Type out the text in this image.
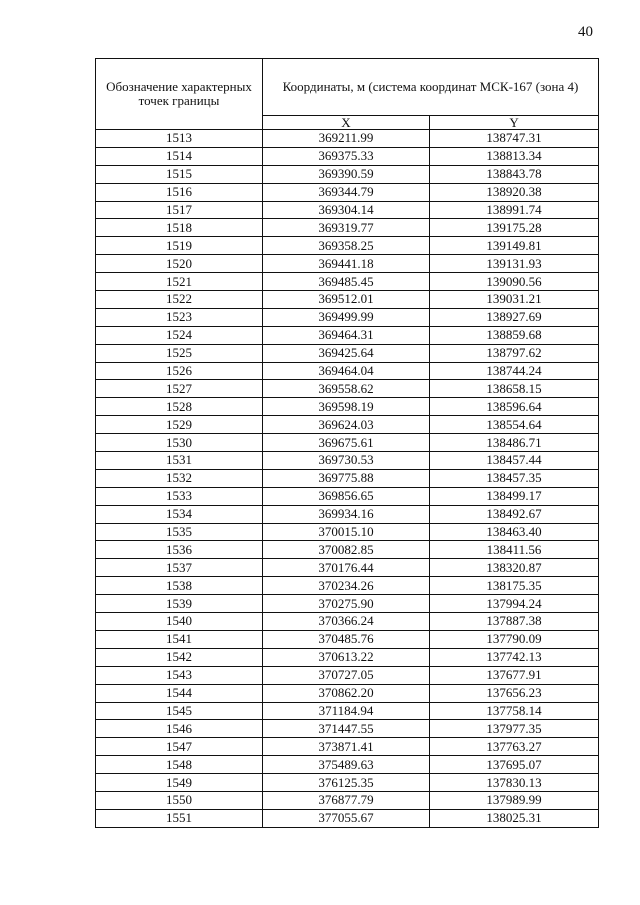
40
Обозначение характерных точек границы	Координаты, м (система координат МСК-167 (зона 4)	
	X	Y
1513	369211.99	138747.31
1514	369375.33	138813.34
1515	369390.59	138843.78
1516	369344.79	138920.38
1517	369304.14	138991.74
1518	369319.77	139175.28
1519	369358.25	139149.81
1520	369441.18	139131.93
1521	369485.45	139090.56
1522	369512.01	139031.21
1523	369499.99	138927.69
1524	369464.31	138859.68
1525	369425.64	138797.62
1526	369464.04	138744.24
1527	369558.62	138658.15
1528	369598.19	138596.64
1529	369624.03	138554.64
1530	369675.61	138486.71
1531	369730.53	138457.44
1532	369775.88	138457.35
1533	369856.65	138499.17
1534	369934.16	138492.67
1535	370015.10	138463.40
1536	370082.85	138411.56
1537	370176.44	138320.87
1538	370234.26	138175.35
1539	370275.90	137994.24
1540	370366.24	137887.38
1541	370485.76	137790.09
1542	370613.22	137742.13
1543	370727.05	137677.91
1544	370862.20	137656.23
1545	371184.94	137758.14
1546	371447.55	137977.35
1547	373871.41	137763.27
1548	375489.63	137695.07
1549	376125.35	137830.13
1550	376877.79	137989.99
1551	377055.67	138025.31
